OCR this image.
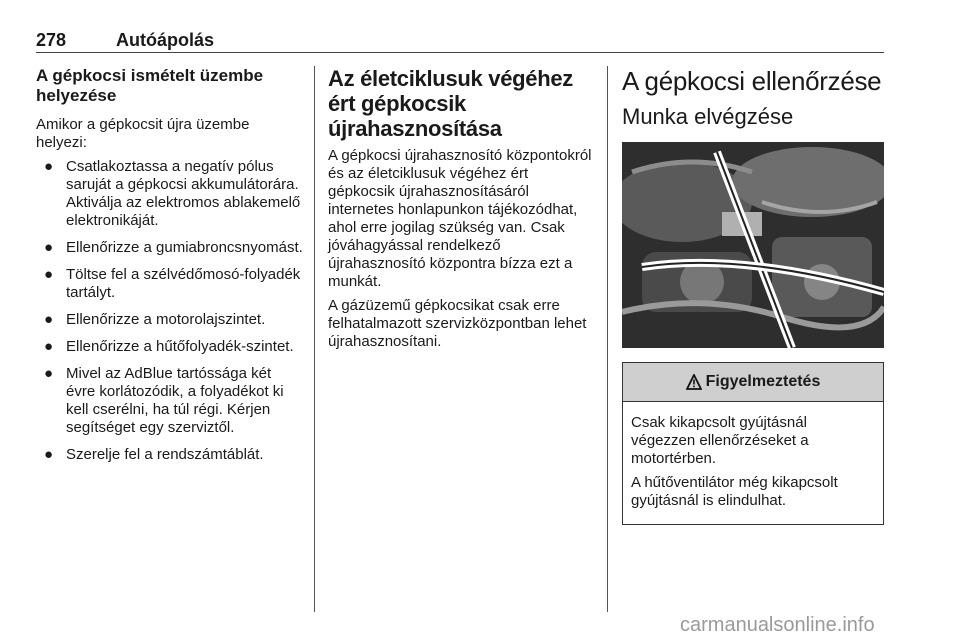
278	Autóápolás
A gépkocsi ismételt üzembe helyezése

Amikor a gépkocsit újra üzembe helyezi:

● Csatlakoztassa a negatív pólus saruját a gépkocsi akkumulátorára. Aktiválja az elektromos ablakemelő elektronikáját.
● Ellenőrizze a gumiabroncsnyomást.
● Töltse fel a szélvédőmosó-folyadék tartályt.
● Ellenőrizze a motorolajszintet.
● Ellenőrizze a hűtőfolyadék-szintet.
● Mivel az AdBlue tartóssága két évre korlátozódik, a folyadékot ki kell cserélni, ha túl régi. Kérjen segítséget egy szerviztől.
● Szerelje fel a rendszámtáblát.
Az életciklusuk végéhez ért gépkocsik újrahasznosítása

A gépkocsi újrahasznosító központokról és az életciklusuk végéhez ért gépkocsik újrahasznosításáról internetes honlapunkon tájékozódhat, ahol erre jogilag szükség van. Csak jóváhagyással rendelkező újrahasznosító központra bízza ezt a munkát.

A gázüzemű gépkocsikat csak erre felhatalmazott szervizközpontban lehet újrahasznosítani.

A gépkocsi ellenőrzése
Munka elvégzése
Figyelmeztetés

Csak kikapcsolt gyújtásnál végezzen ellenőrzéseket a motortérben.

A hűtőventilátor még kikapcsolt gyújtásnál is elindulhat.

carmanualsonline.info
